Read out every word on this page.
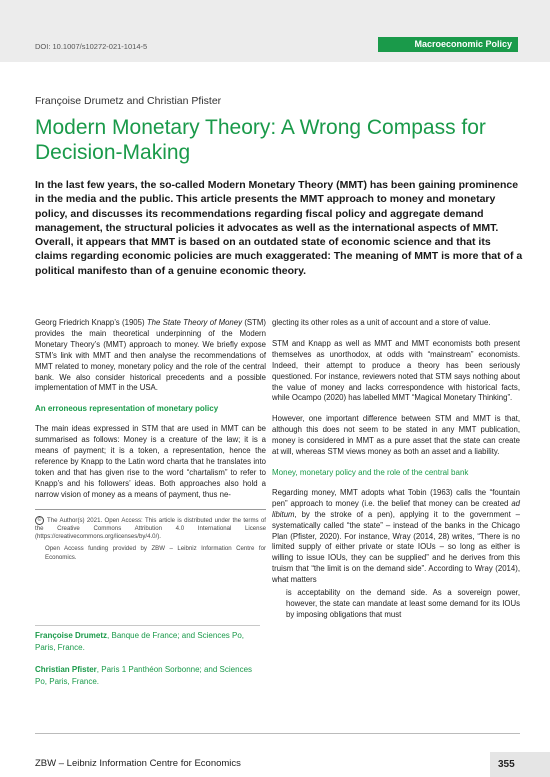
DOI: 10.1007/s10272-021-1014-5	Macroeconomic Policy
Françoise Drumetz and Christian Pfister
Modern Monetary Theory: A Wrong Compass for Decision-Making
In the last few years, the so-called Modern Monetary Theory (MMT) has been gaining prominence in the media and the public. This article presents the MMT approach to money and monetary policy, and discusses its recommendations regarding fiscal policy and aggregate demand management, the structural policies it advocates as well as the international aspects of MMT. Overall, it appears that MMT is based on an outdated state of economic science and that its claims regarding economic policies are much exaggerated: The meaning of MMT is more that of a political manifesto than of a genuine economic theory.

Georg Friedrich Knapp’s (1905) The State Theory of Money (STM) provides the main theoretical underpinning of the Modern Monetary Theory’s (MMT) approach to money. We briefly expose STM’s link with MMT and then analyse the recommendations of MMT related to money, monetary policy and the role of the central bank. We also consider historical precedents and a possible implementation of MMT in the USA.

An erroneous representation of monetary policy

The main ideas expressed in STM that are used in MMT can be summarised as follows: Money is a creature of the law; it is a means of payment; it is a token, a representation, hence the reference by Knapp to the Latin word charta that he translates into token and that has given rise to the word “chartalism” to refer to Knapp’s and his followers’ ideas. Both approaches also hold a narrow vision of money as a means of payment, thus ne-

© The Author(s) 2021. Open Access: This article is distributed under the terms of the Creative Commons Attribution 4.0 International License (https://creativecommons.org/licenses/by/4.0/).

Open Access funding provided by ZBW – Leibniz Information Centre for Economics.

Françoise Drumetz, Banque de France; and Sciences Po, Paris, France.
Christian Pfister, Paris 1 Panthéon Sorbonne; and Sciences Po, Paris, France.

glecting its other roles as a unit of account and a store of value.

STM and Knapp as well as MMT and MMT economists both present themselves as unorthodox, at odds with “mainstream” economists. Indeed, their attempt to produce a theory has been seriously questioned. For instance, reviewers noted that STM says nothing about the value of money and lacks correspondence with historical facts, while Ocampo (2020) has labelled MMT “Magical Monetary Thinking”.

However, one important difference between STM and MMT is that, although this does not seem to be stated in any MMT publication, money is considered in MMT as a pure asset that the state can create at will, whereas STM views money as both an asset and a liability.

Money, monetary policy and the role of the central bank

Regarding money, MMT adopts what Tobin (1963) calls the “fountain pen” approach to money (i.e. the belief that money can be created ad libitum, by the stroke of a pen), applying it to the government – systematically called “the state” – instead of the banks in the Chicago Plan (Pfister, 2020). For instance, Wray (2014, 28) writes, “There is no limited supply of either private or state IOUs – so long as either is willing to issue IOUs, they can be supplied” and he derives from this truism that “the limit is on the demand side”. According to Wray (2014), what matters

is acceptability on the demand side. As a sovereign power, however, the state can mandate at least some demand for its IOUs by imposing obligations that must

ZBW – Leibniz Information Centre for Economics	355
